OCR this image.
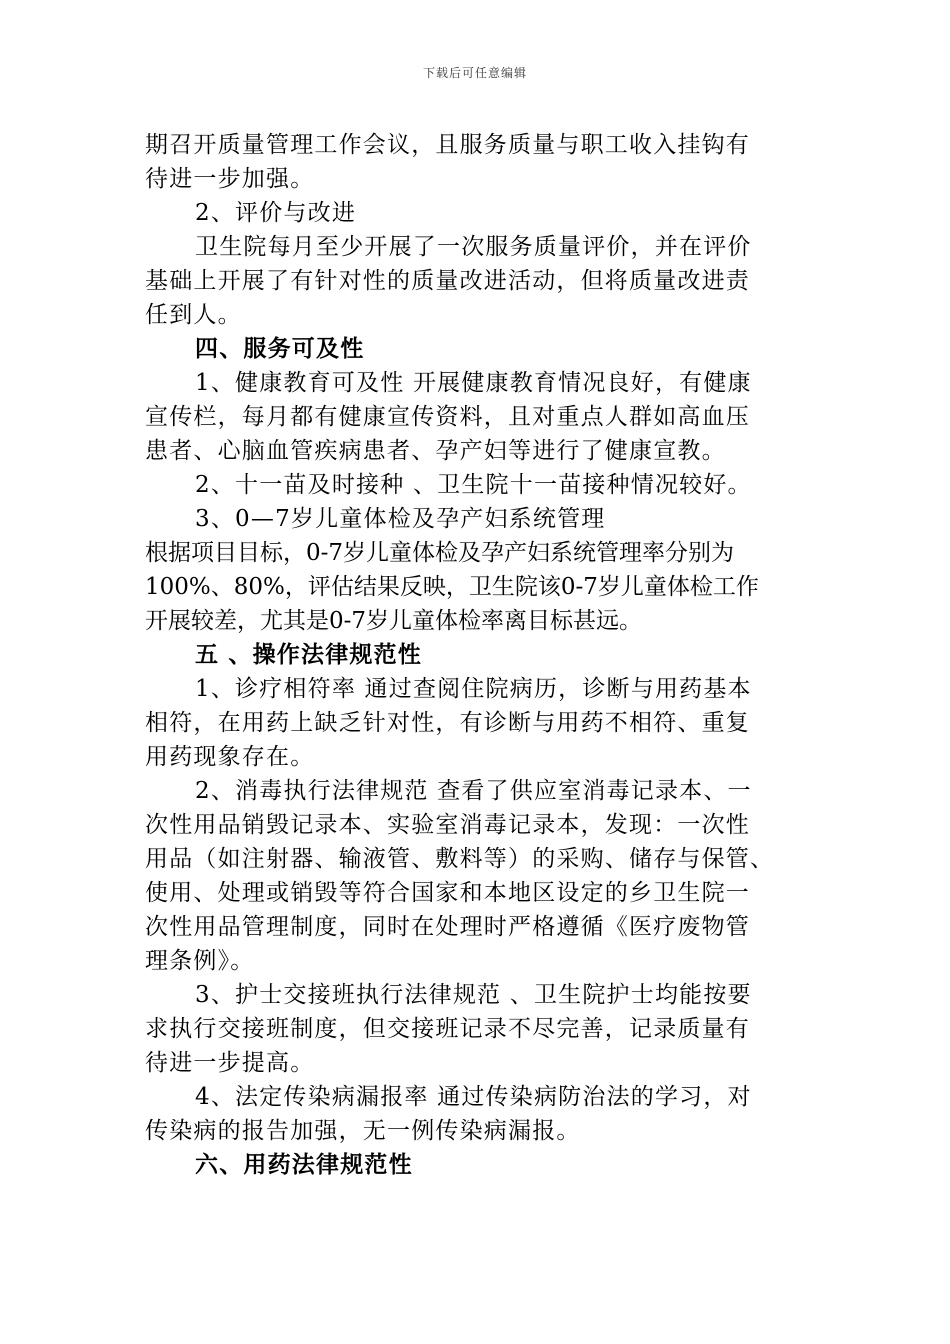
下载后可任意编辑
期召开质量管理工作会议，且服务质量与职工收入挂钩有
待进一步加强。
2、评价与改进
卫生院每月至少开展了一次服务质量评价，并在评价
基础上开展了有针对性的质量改进活动，但将质量改进责
任到人。
四、服务可及性
1、健康教育可及性 开展健康教育情况良好，有健康
宣传栏，每月都有健康宣传资料，且对重点人群如高血压
患者、心脑血管疾病患者、孕产妇等进行了健康宣教。
2、十一苗及时接种 、卫生院十一苗接种情况较好。
3、0—7岁儿童体检及孕产妇系统管理
根据项目目标，0-7岁儿童体检及孕产妇系统管理率分别为
100%、80%，评估结果反映，卫生院该0-7岁儿童体检工作
开展较差，尤其是0-7岁儿童体检率离目标甚远。
五 、操作法律规范性
1、诊疗相符率 通过查阅住院病历，诊断与用药基本
相符，在用药上缺乏针对性，有诊断与用药不相符、重复
用药现象存在。
2、消毒执行法律规范 查看了供应室消毒记录本、一
次性用品销毁记录本、实验室消毒记录本，发现：一次性
用品（如注射器、输液管、敷料等）的采购、储存与保管、
使用、处理或销毁等符合国家和本地区设定的乡卫生院一
次性用品管理制度，同时在处理时严格遵循《医疗废物管
理条例》。
3、护士交接班执行法律规范 、卫生院护士均能按要
求执行交接班制度，但交接班记录不尽完善，记录质量有
待进一步提高。
4、法定传染病漏报率 通过传染病防治法的学习，对
传染病的报告加强，无一例传染病漏报。
六、用药法律规范性
